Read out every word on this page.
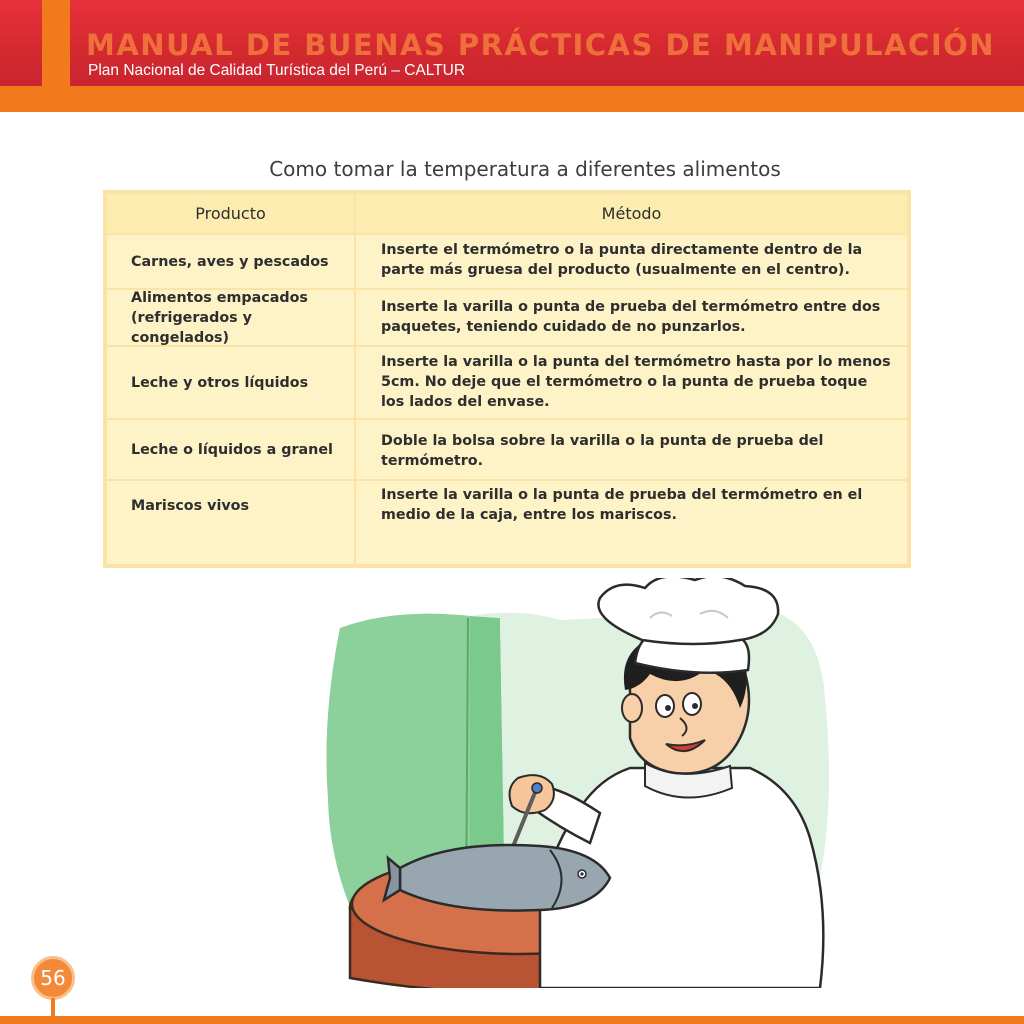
MANUAL DE BUENAS PRÁCTICAS DE MANIPULACIÓN
Plan Nacional de Calidad Turística del Perú – CALTUR
Como tomar la temperatura a diferentes alimentos
Producto	Método
Carnes, aves y pescados
Inserte el termómetro o la punta directamente dentro de la
parte más gruesa del producto (usualmente en el centro).
Alimentos empacados
(refrigerados y congelados)
Inserte la varilla o punta de prueba del termómetro entre dos
paquetes, teniendo cuidado de no punzarlos.
Leche y otros líquidos
Inserte la varilla o la punta del termómetro hasta por lo menos
5cm. No deje que el termómetro o la punta de prueba toque
los lados del envase.
Leche o líquidos a granel
Doble la bolsa sobre la varilla o la punta de prueba del
termómetro.
Mariscos vivos
Inserte la varilla o la punta de prueba del termómetro en el
medio de la caja, entre los mariscos.
56
